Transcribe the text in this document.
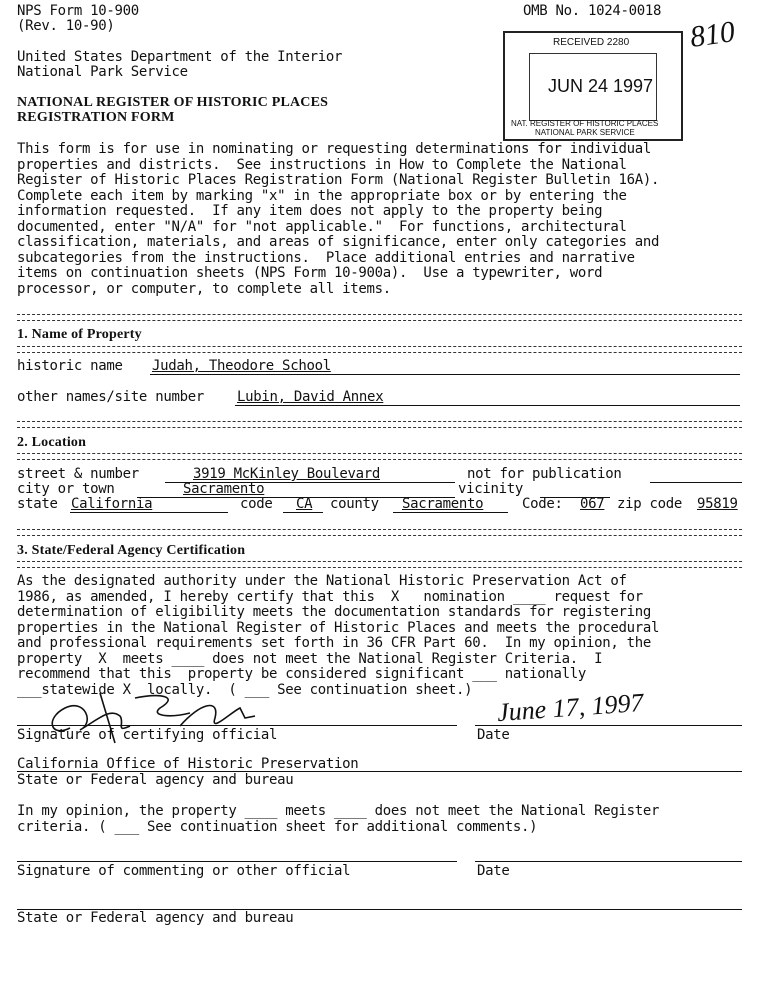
NPS Form 10-900
(Rev. 10-90)
OMB No. 1024-0018
United States Department of the Interior
National Park Service
NATIONAL REGISTER OF HISTORIC PLACES
REGISTRATION FORM
RECEIVED 2280
JUN 24 1997
NAT. REGISTER OF HISTORIC PLACES
NATIONAL PARK SERVICE
810
This form is for use in nominating or requesting determinations for individual
properties and districts.  See instructions in How to Complete the National
Register of Historic Places Registration Form (National Register Bulletin 16A).
Complete each item by marking "x" in the appropriate box or by entering the
information requested.  If any item does not apply to the property being
documented, enter "N/A" for "not applicable."  For functions, architectural
classification, materials, and areas of significance, enter only categories and
subcategories from the instructions.  Place additional entries and narrative
items on continuation sheets (NPS Form 10-900a).  Use a typewriter, word
processor, or computer, to complete all items.
1. Name of Property
historic name Judah, Theodore School
other names/site number Lubin, David Annex
2. Location
street & number	3919 McKinley Boulevard	not for publication
city or town	Sacramento	vicinity
state California	code CA county Sacramento	Code: 067 zip code 95819
3. State/Federal Agency Certification
As the designated authority under the National Historic Preservation Act of
1986, as amended, I hereby certify that this  X   nomination ____ request for
determination of eligibility meets the documentation standards for registering
properties in the National Register of Historic Places and meets the procedural
and professional requirements set forth in 36 CFR Part 60.  In my opinion, the
property  X  meets ____ does not meet the National Register Criteria.  I
recommend that this  property be considered significant ___ nationally
___statewide X  locally.  ( ___ See continuation sheet.)
Signature of certifying official
June 17, 1997
Date
California Office of Historic Preservation
State or Federal agency and bureau
In my opinion, the property ____ meets ____ does not meet the National Register
criteria. ( ___ See continuation sheet for additional comments.)
Signature of commenting or other official	Date
State or Federal agency and bureau
